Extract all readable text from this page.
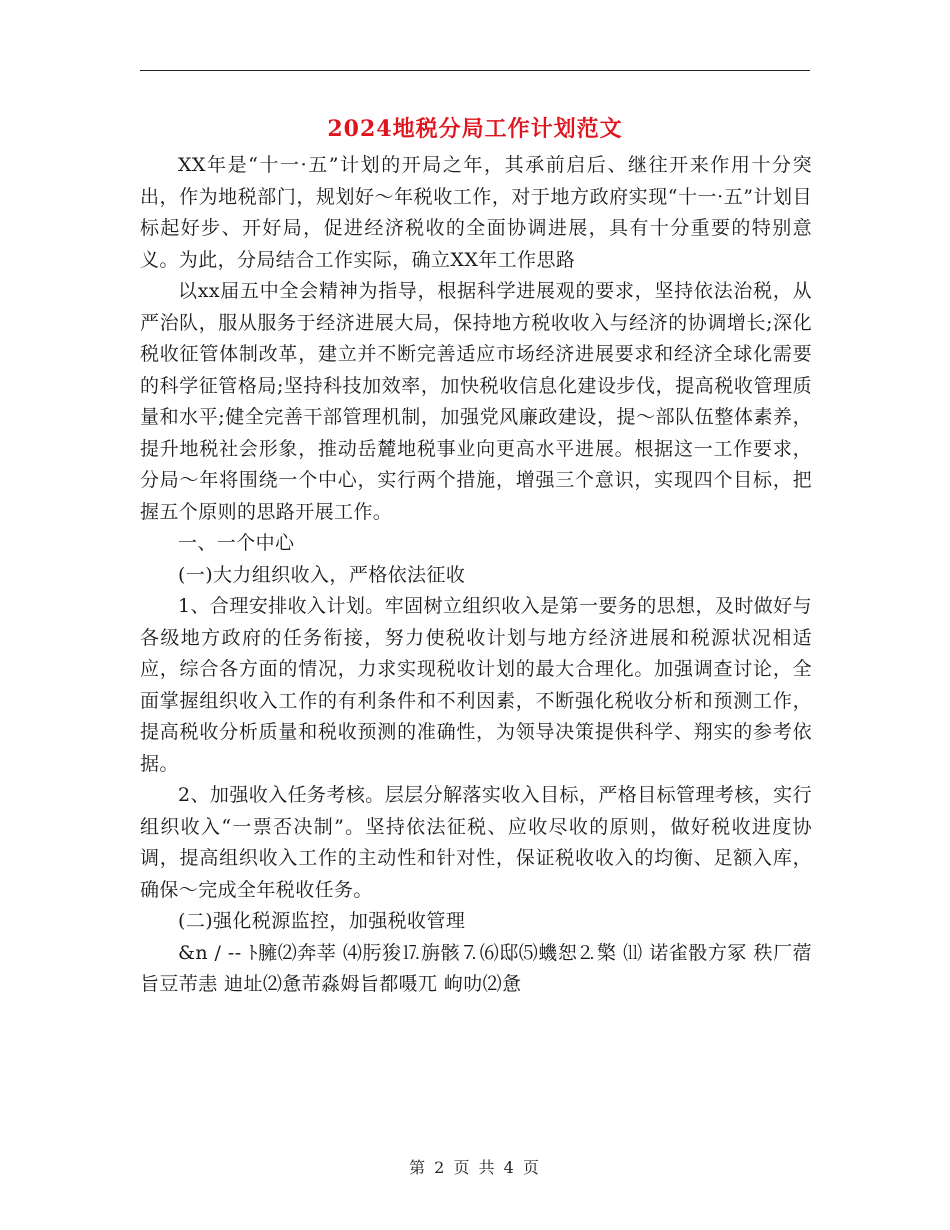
2024地税分局工作计划范文

XX年是“十一·五”计划的开局之年，其承前启后、继往开来作用十分突出，作为地税部门，规划好～年税收工作，对于地方政府实现“十一·五”计划目标起好步、开好局，促进经济税收的全面协调进展，具有十分重要的特别意义。为此，分局结合工作实际，确立XX年工作思路

以xx届五中全会精神为指导，根据科学进展观的要求，坚持依法治税，从严治队，服从服务于经济进展大局，保持地方税收收入与经济的协调增长;深化税收征管体制改革，建立并不断完善适应市场经济进展要求和经济全球化需要的科学征管格局;坚持科技加效率，加快税收信息化建设步伐，提高税收管理质量和水平;健全完善干部管理机制，加强党风廉政建设，提～部队伍整体素养，提升地税社会形象，推动岳麓地税事业向更高水平进展。根据这一工作要求，分局～年将围绕一个中心，实行两个措施，增强三个意识，实现四个目标，把握五个原则的思路开展工作。

一、一个中心

(一)大力组织收入，严格依法征收

1、合理安排收入计划。牢固树立组织收入是第一要务的思想，及时做好与各级地方政府的任务衔接，努力使税收计划与地方经济进展和税源状况相适应，综合各方面的情况，力求实现税收计划的最大合理化。加强调查讨论，全面掌握组织收入工作的有利条件和不利因素，不断强化税收分析和预测工作，提高税收分析质量和税收预测的准确性，为领导决策提供科学、翔实的参考依据。

2、加强收入任务考核。层层分解落实收入目标，严格目标管理考核，实行组织收入“一票否决制”。坚持依法征税、应收尽收的原则，做好税收进度协调，提高组织收入工作的主动性和针对性，保证税收收入的均衡、足额入库，确保～完成全年税收任务。

(二)强化税源监控，加强税收管理

&n / -- ﾄ臃⑵奔莘 ⑷肟狻⒘旃骸⒎⑹邸⑸蟣恕⒉檠 ⑾ 诺雀骰方冢 秩厂蓿 旨豆芾恚 迪址⑵惫芾淼姆旨都嗫兀 岣叻⑵惫

第 2 页 共 4 页
